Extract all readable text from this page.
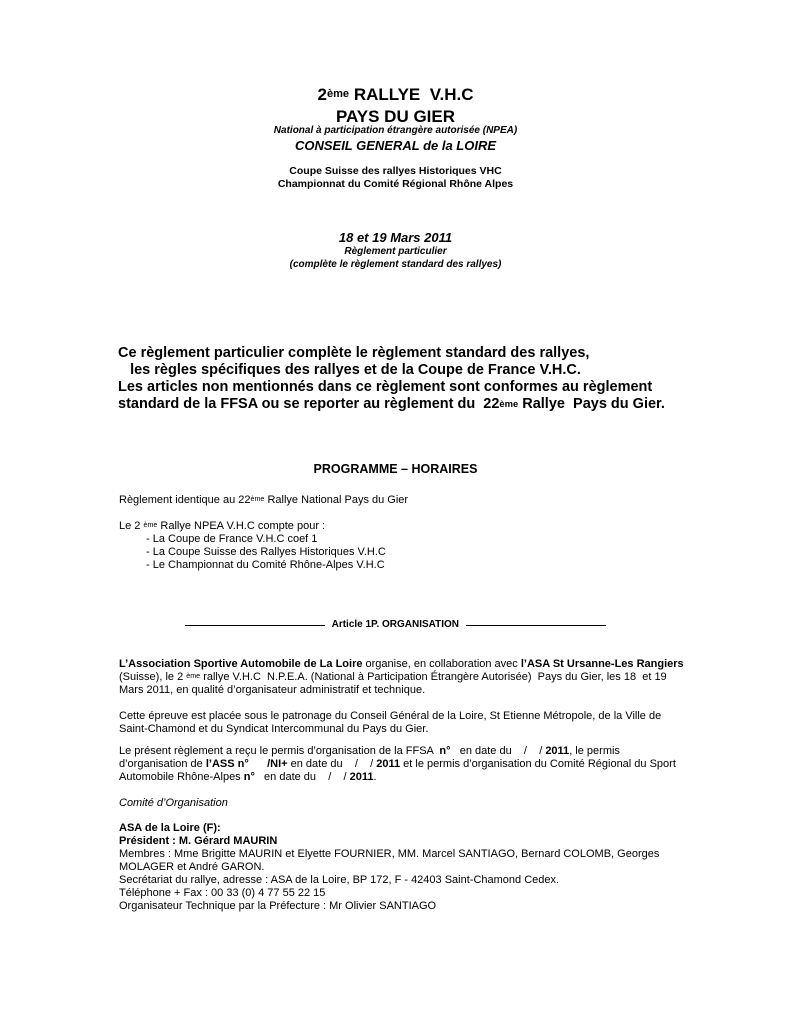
2ème RALLYE  V.H.C
PAYS DU GIER
National à participation étrangère autorisée (NPEA)
CONSEIL GENERAL de la LOIRE
Coupe Suisse des rallyes Historiques VHC
Championnat du Comité Régional Rhône Alpes
18 et 19 Mars 2011
Règlement particulier
(complète le règlement standard des rallyes)
Ce règlement particulier complète le règlement standard des rallyes,
les règles spécifiques des rallyes et de la Coupe de France V.H.C.
Les articles non mentionnés dans ce règlement sont conformes au règlement
standard de la FFSA ou se reporter au règlement du  22ème Rallye  Pays du Gier.
PROGRAMME – HORAIRES
Règlement identique au 22ème Rallye National Pays du Gier
Le 2 $^{ème}$ Rallye NPEA V.H.C compte pour :
- La Coupe de France V.H.C coef 1
- La Coupe Suisse des Rallyes Historiques V.H.C
- Le Championnat du Comité Rhône-Alpes V.H.C
Article 1P. ORGANISATION
L’Association Sportive Automobile de La Loire organise, en collaboration avec l’ASA St Ursanne-Les Rangiers
(Suisse), le 2 $^{ème}$ rallye V.H.C  N.P.E.A. (National à Participation Étrangère Autorisée)  Pays du Gier, les 18  et 19
Mars 2011, en qualité d’organisateur administratif et technique.
Cette épreuve est placée sous le patronage du Conseil Général de la Loire, St Etienne Métropole, de la Ville de
Saint-Chamond et du Syndicat Intercommunal du Pays du Gier.
Le présent règlement a reçu le permis d’organisation de la FFSA  n°   en date du    /    / 2011, le permis
d’organisation de l’ASS n° /NI+ en date du    /    / 2011 et le permis d’organisation du Comité Régional du Sport
Automobile Rhône-Alpes n°   en date du    /    / 2011.
Comité d’Organisation
ASA de la Loire (F):
Président : M. Gérard MAURIN
Membres : Mme Brigitte MAURIN et Elyette FOURNIER, MM. Marcel SANTIAGO, Bernard COLOMB, Georges
MOLAGER et André GARON.
Secrétariat du rallye, adresse : ASA de la Loire, BP 172, F - 42403 Saint-Chamond Cedex.
Téléphone + Fax : 00 33 (0) 4 77 55 22 15
Organisateur Technique par la Préfecture : Mr Olivier SANTIAGO
